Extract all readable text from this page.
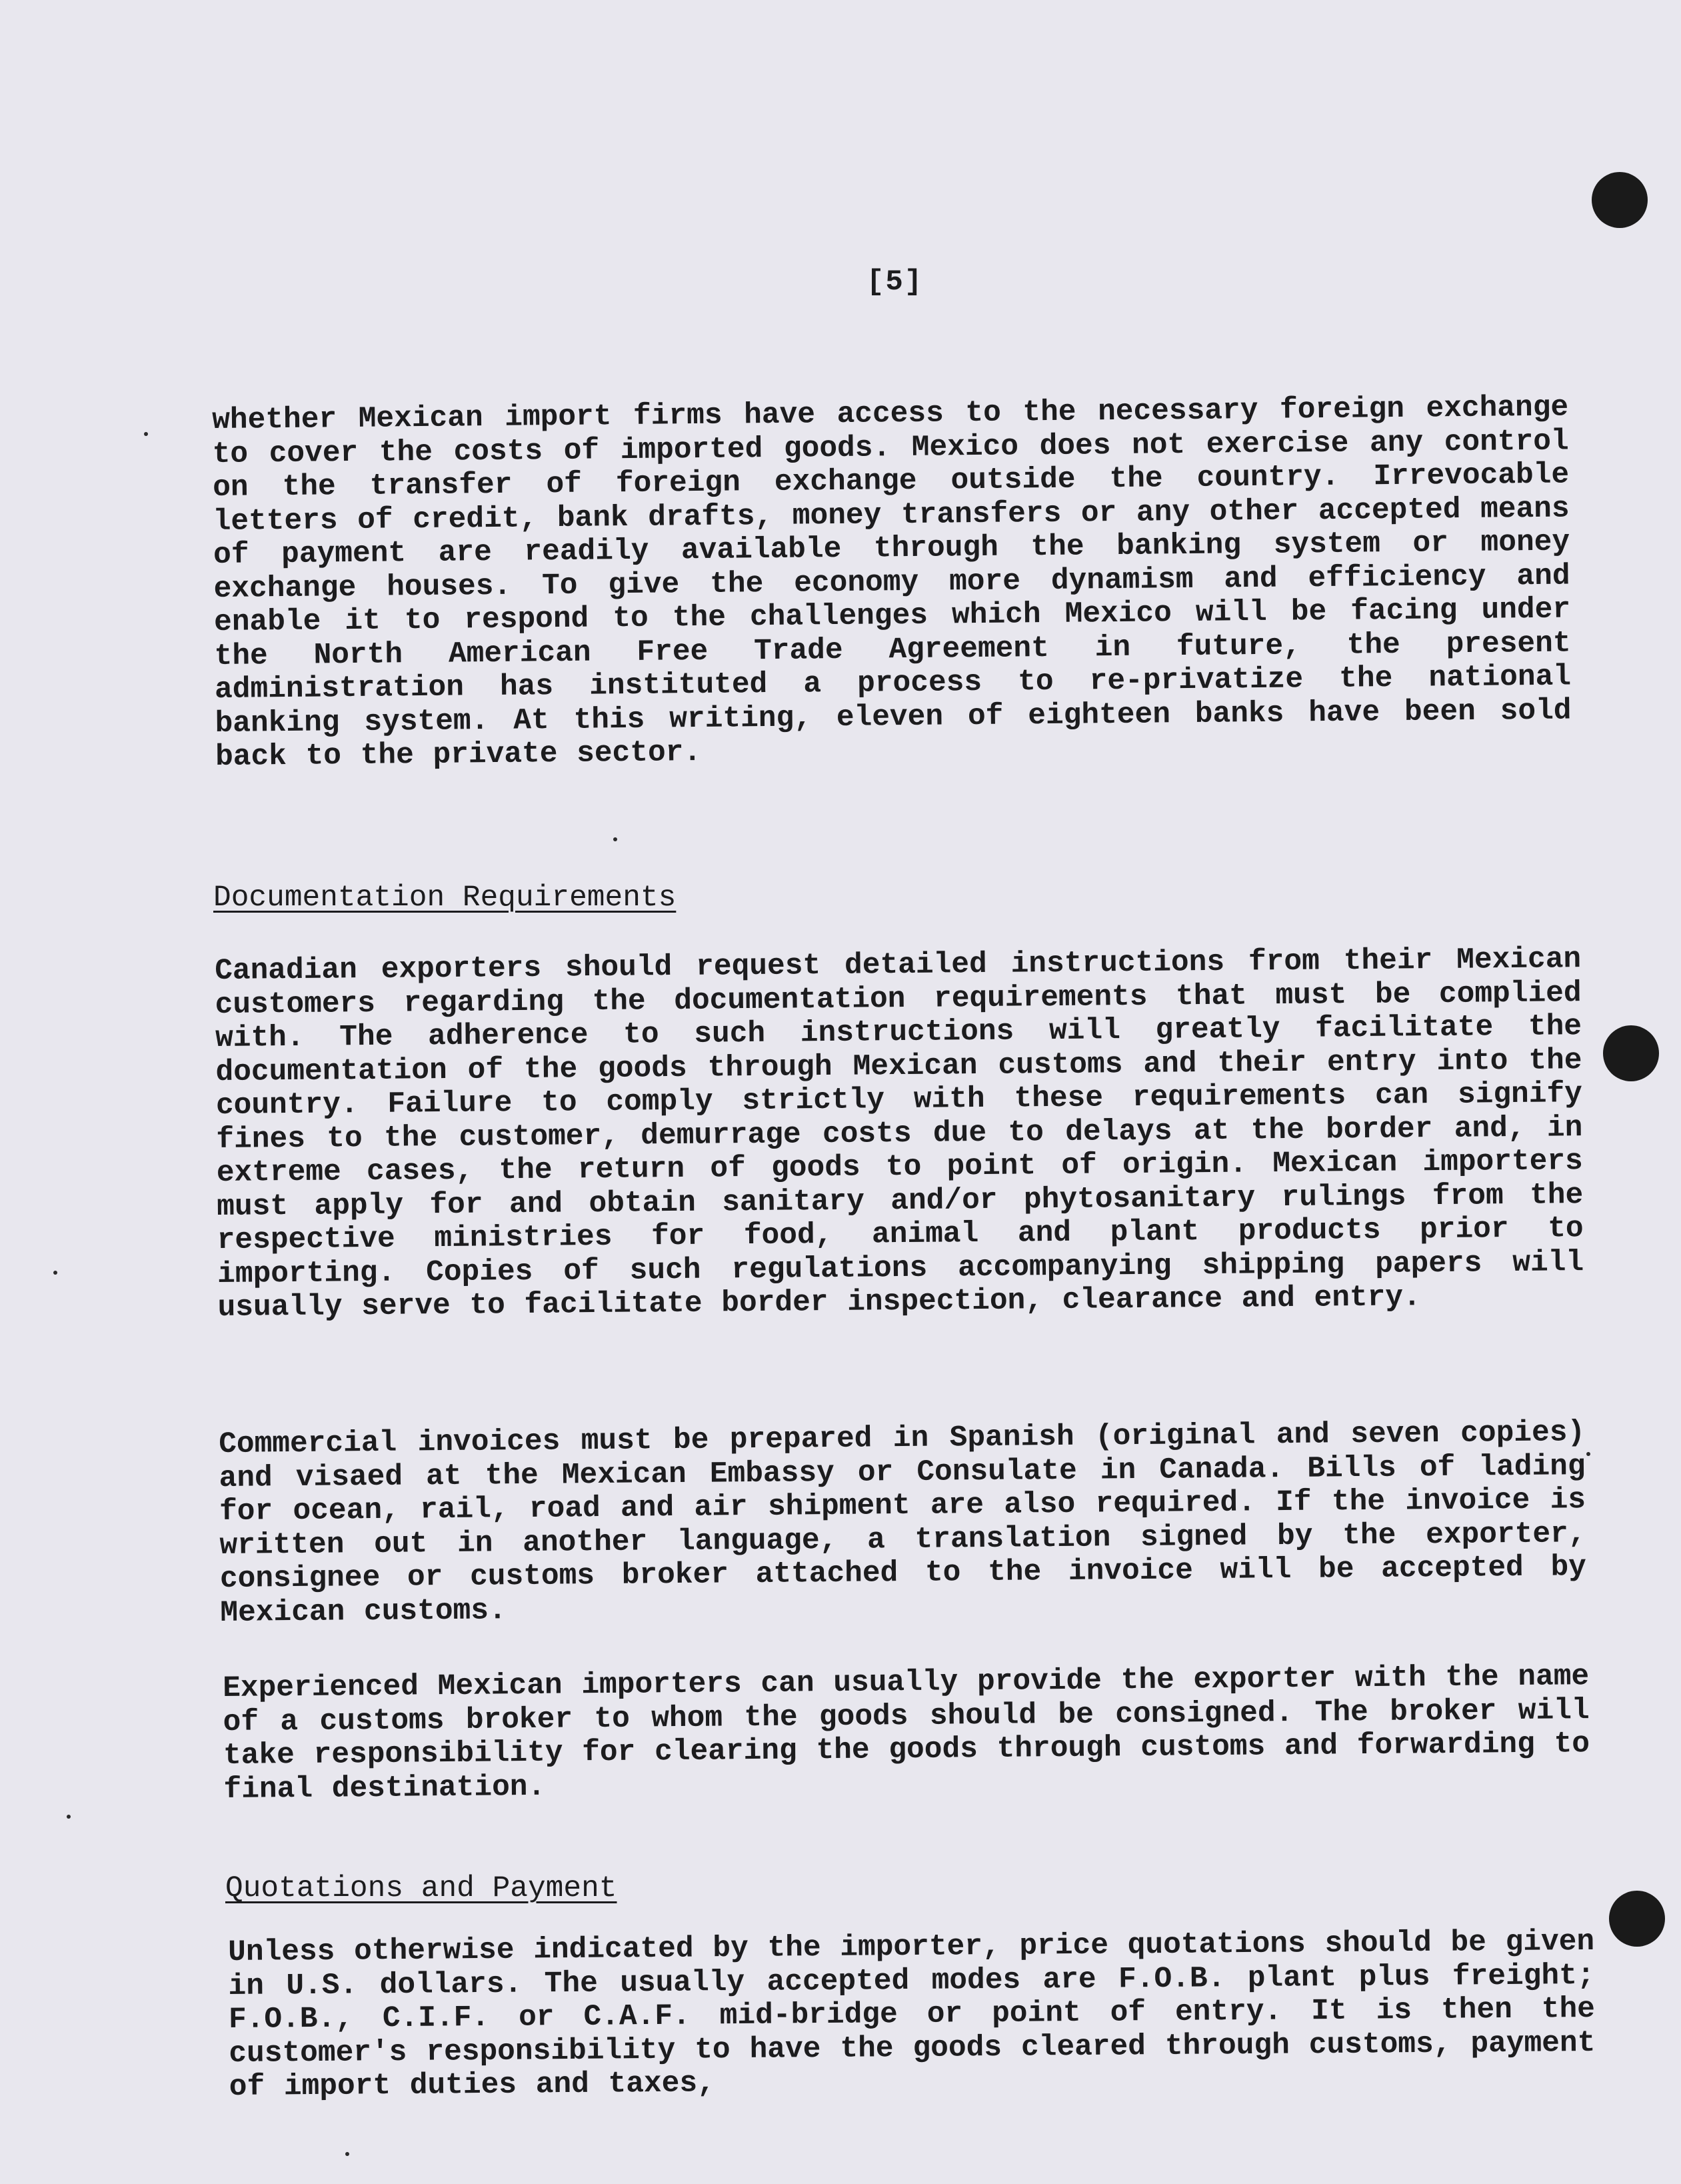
[5]

whether Mexican import firms have access to the necessary foreign exchange to cover the costs of imported goods. Mexico does not exercise any control on the transfer of foreign exchange outside the country. Irrevocable letters of credit, bank drafts, money transfers or any other accepted means of payment are readily available through the banking system or money exchange houses. To give the economy more dynamism and efficiency and enable it to respond to the challenges which Mexico will be facing under the North American Free Trade Agreement in future, the present administration has instituted a process to re-privatize the national banking system. At this writing, eleven of eighteen banks have been sold back to the private sector.

Documentation Requirements

Canadian exporters should request detailed instructions from their Mexican customers regarding the documentation requirements that must be complied with. The adherence to such instructions will greatly facilitate the documentation of the goods through Mexican customs and their entry into the country. Failure to comply strictly with these requirements can signify fines to the customer, demurrage costs due to delays at the border and, in extreme cases, the return of goods to point of origin. Mexican importers must apply for and obtain sanitary and/or phytosanitary rulings from the respective ministries for food, animal and plant products prior to importing. Copies of such regulations accompanying shipping papers will usually serve to facilitate border inspection, clearance and entry.

Commercial invoices must be prepared in Spanish (original and seven copies) and visaed at the Mexican Embassy or Consulate in Canada. Bills of lading for ocean, rail, road and air shipment are also required. If the invoice is written out in another language, a translation signed by the exporter, consignee or customs broker attached to the invoice will be accepted by Mexican customs.

Experienced Mexican importers can usually provide the exporter with the name of a customs broker to whom the goods should be consigned. The broker will take responsibility for clearing the goods through customs and forwarding to final destination.

Quotations and Payment

Unless otherwise indicated by the importer, price quotations should be given in U.S. dollars. The usually accepted modes are F.O.B. plant plus freight; F.O.B., C.I.F. or C.A.F. mid-bridge or point of entry. It is then the customer's responsibility to have the goods cleared through customs, payment of import duties and taxes,
